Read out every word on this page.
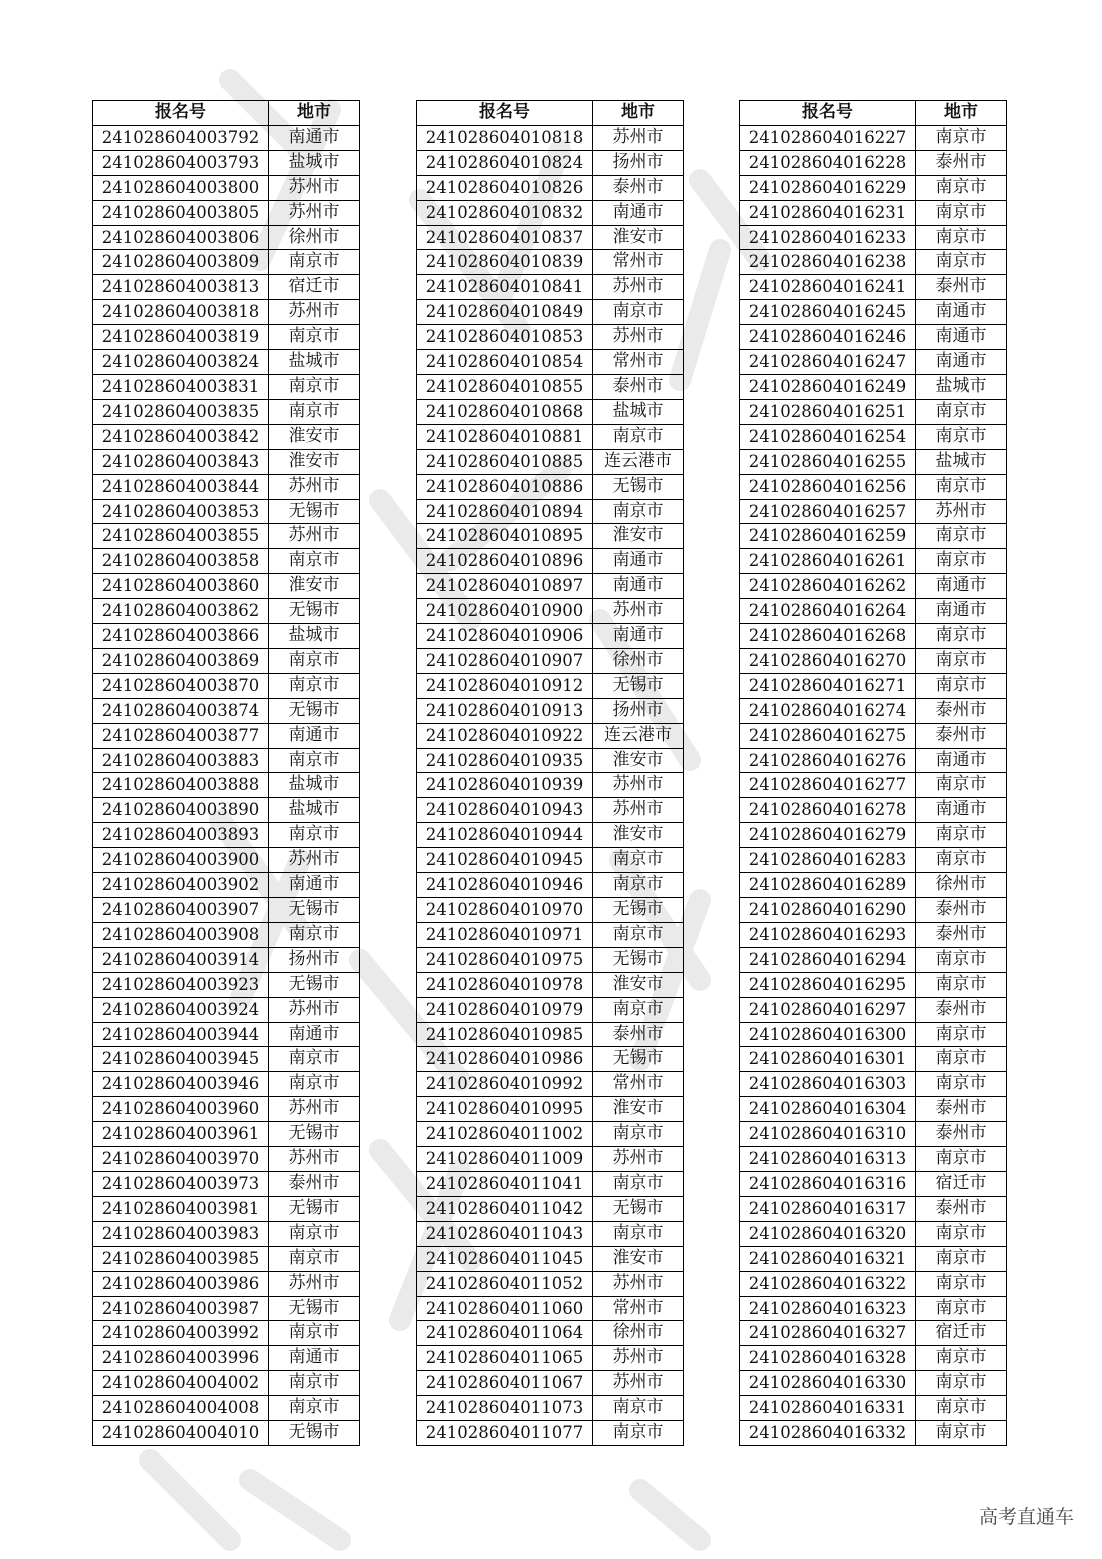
报名号	地市
241028604003792	南通市
241028604003793	盐城市
241028604003800	苏州市
241028604003805	苏州市
241028604003806	徐州市
241028604003809	南京市
241028604003813	宿迁市
241028604003818	苏州市
241028604003819	南京市
241028604003824	盐城市
241028604003831	南京市
241028604003835	南京市
241028604003842	淮安市
241028604003843	淮安市
241028604003844	苏州市
241028604003853	无锡市
241028604003855	苏州市
241028604003858	南京市
241028604003860	淮安市
241028604003862	无锡市
241028604003866	盐城市
241028604003869	南京市
241028604003870	南京市
241028604003874	无锡市
241028604003877	南通市
241028604003883	南京市
241028604003888	盐城市
241028604003890	盐城市
241028604003893	南京市
241028604003900	苏州市
241028604003902	南通市
241028604003907	无锡市
241028604003908	南京市
241028604003914	扬州市
241028604003923	无锡市
241028604003924	苏州市
241028604003944	南通市
241028604003945	南京市
241028604003946	南京市
241028604003960	苏州市
241028604003961	无锡市
241028604003970	苏州市
241028604003973	泰州市
241028604003981	无锡市
241028604003983	南京市
241028604003985	南京市
241028604003986	苏州市
241028604003987	无锡市
241028604003992	南京市
241028604003996	南通市
241028604004002	南京市
241028604004008	南京市
241028604004010	无锡市
报名号	地市
241028604010818	苏州市
241028604010824	扬州市
241028604010826	泰州市
241028604010832	南通市
241028604010837	淮安市
241028604010839	常州市
241028604010841	苏州市
241028604010849	南京市
241028604010853	苏州市
241028604010854	常州市
241028604010855	泰州市
241028604010868	盐城市
241028604010881	南京市
241028604010885	连云港市
241028604010886	无锡市
241028604010894	南京市
241028604010895	淮安市
241028604010896	南通市
241028604010897	南通市
241028604010900	苏州市
241028604010906	南通市
241028604010907	徐州市
241028604010912	无锡市
241028604010913	扬州市
241028604010922	连云港市
241028604010935	淮安市
241028604010939	苏州市
241028604010943	苏州市
241028604010944	淮安市
241028604010945	南京市
241028604010946	南京市
241028604010970	无锡市
241028604010971	南京市
241028604010975	无锡市
241028604010978	淮安市
241028604010979	南京市
241028604010985	泰州市
241028604010986	无锡市
241028604010992	常州市
241028604010995	淮安市
241028604011002	南京市
241028604011009	苏州市
241028604011041	南京市
241028604011042	无锡市
241028604011043	南京市
241028604011045	淮安市
241028604011052	苏州市
241028604011060	常州市
241028604011064	徐州市
241028604011065	苏州市
241028604011067	苏州市
241028604011073	南京市
241028604011077	南京市
报名号	地市
241028604016227	南京市
241028604016228	泰州市
241028604016229	南京市
241028604016231	南京市
241028604016233	南京市
241028604016238	南京市
241028604016241	泰州市
241028604016245	南通市
241028604016246	南通市
241028604016247	南通市
241028604016249	盐城市
241028604016251	南京市
241028604016254	南京市
241028604016255	盐城市
241028604016256	南京市
241028604016257	苏州市
241028604016259	南京市
241028604016261	南京市
241028604016262	南通市
241028604016264	南通市
241028604016268	南京市
241028604016270	南京市
241028604016271	南京市
241028604016274	泰州市
241028604016275	泰州市
241028604016276	南通市
241028604016277	南京市
241028604016278	南通市
241028604016279	南京市
241028604016283	南京市
241028604016289	徐州市
241028604016290	泰州市
241028604016293	泰州市
241028604016294	南京市
241028604016295	南京市
241028604016297	泰州市
241028604016300	南京市
241028604016301	南京市
241028604016303	南京市
241028604016304	泰州市
241028604016310	泰州市
241028604016313	南京市
241028604016316	宿迁市
241028604016317	泰州市
241028604016320	南京市
241028604016321	南京市
241028604016322	南京市
241028604016323	南京市
241028604016327	宿迁市
241028604016328	南京市
241028604016330	南京市
241028604016331	南京市
241028604016332	南京市
高考直通车
